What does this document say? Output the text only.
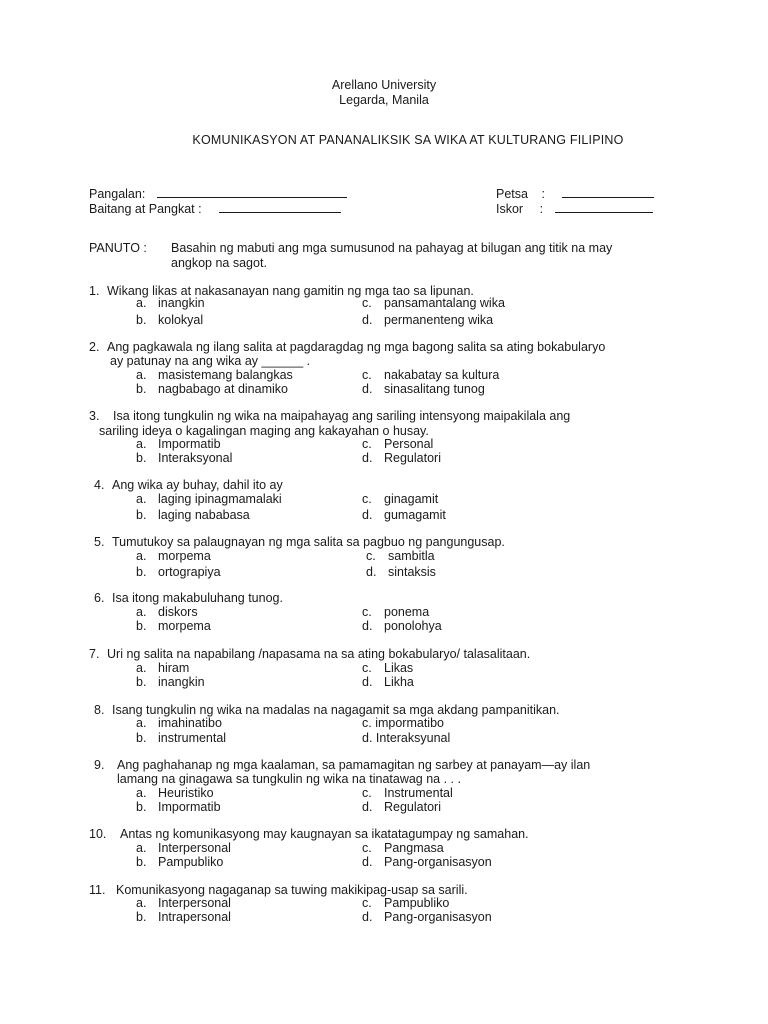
Arellano University
Legarda, Manila
KOMUNIKASYON AT PANANALIKSIK SA WIKA AT KULTURANG FILIPINO
Pangalan:
Baitang at Pangkat :
Petsa :
Iskor :
PANUTO : Basahin ng mabuti ang mga sumusunod na pahayag at bilugan ang titik na may
angkop na sagot.
1. Wikang likas at nakasanayan nang gamitin ng mga tao sa lipunan.
a. inangkin	c. pansamantalang wika
b. kolokyal	d. permanenteng wika
2. Ang pagkawala ng ilang salita at pagdaragdag ng mga bagong salita sa ating bokabularyo
ay patunay na ang wika ay ______ .
a. masistemang balangkas	c. nakabatay sa kultura
b. nagbabago at dinamiko	d. sinasalitang tunog
3. Isa itong tungkulin ng wika na maipahayag ang sariling intensyong maipakilala ang
sariling ideya o kagalingan maging ang kakayahan o husay.
a. Impormatib	c. Personal
b. Interaksyonal	d. Regulatori
4. Ang wika ay buhay, dahil ito ay
a. laging ipinagmamalaki	c. ginagamit
b. laging nababasa	d. gumagamit
5. Tumutukoy sa palaugnayan ng mga salita sa pagbuo ng pangungusap.
a. morpema	c. sambitla
b. ortograpiya	d. sintaksis
6. Isa itong makabuluhang tunog.
a. diskors	c. ponema
b. morpema	d. ponolohya
7. Uri ng salita na napabilang /napasama na sa ating bokabularyo/ talasalitaan.
a. hiram	c. Likas
b. inangkin	d. Likha
8. Isang tungkulin ng wika na madalas na nagagamit sa mga akdang pampanitikan.
a. imahinatibo	c. impormatibo
b. instrumental	d. Interaksyunal
9. Ang paghahanap ng mga kaalaman, sa pamamagitan ng sarbey at panayam—ay ilan
lamang na ginagawa sa tungkulin ng wika na tinatawag na . . .
a. Heuristiko	c. Instrumental
b. Impormatib	d. Regulatori
10. Antas ng komunikasyong may kaugnayan sa ikatatagumpay ng samahan.
a. Interpersonal	c. Pangmasa
b. Pampubliko	d. Pang-organisasyon
11. Komunikasyong nagaganap sa tuwing makikipag-usap sa sarili.
a. Interpersonal	c. Pampubliko
b. Intrapersonal	d. Pang-organisasyon
